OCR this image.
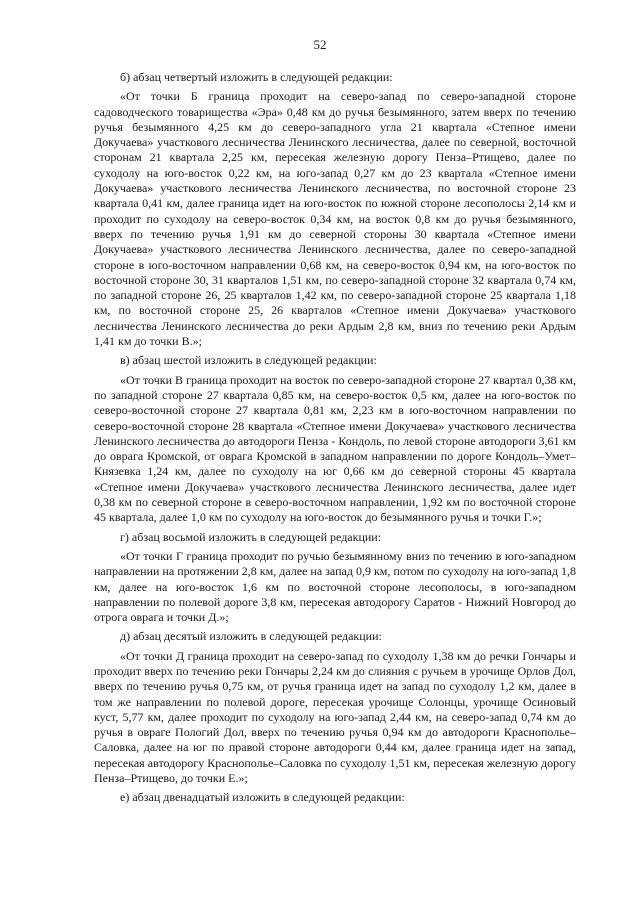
52

б) абзац четвертый изложить в следующей редакции:

«От точки Б граница проходит на северо-запад по северо-западной стороне садоводческого товарищества «Эра» 0,48 км до ручья безымянного, затем вверх по течению ручья безымянного 4,25 км до северо-западного угла 21 квартала «Степное имени Докучаева» участкового лесничества Ленинского лесничества, далее по северной, восточной сторонам 21 квартала 2,25 км, пересекая железную дорогу Пенза–Ртищево, далее по суходолу на юго-восток 0,22 км, на юго-запад 0,27 км до 23 квартала «Степное имени Докучаева» участкового лесничества Ленинского лесничества, по восточной стороне 23 квартала 0,41 км, далее граница идет на юго-восток по южной стороне лесополосы 2,14 км и проходит по суходолу на северо-восток 0,34 км, на восток 0,8 км до ручья безымянного, вверх по течению ручья 1,91 км до северной стороны 30 квартала «Степное имени Докучаева» участкового лесничества Ленинского лесничества, далее по северо-западной стороне в юго-восточном направлении 0,68 км, на северо-восток 0,94 км, на юго-восток по восточной стороне 30, 31 кварталов 1,51 км, по северо-западной стороне 32 квартала 0,74 км, по западной стороне 26, 25 кварталов 1,42 км, по северо-западной стороне 25 квартала 1,18 км, по восточной стороне 25, 26 кварталов «Степное имени Докучаева» участкового лесничества Ленинского лесничества до реки Ардым 2,8 км, вниз по течению реки Ардым 1,41 км до точки В.»;

в) абзац шестой изложить в следующей редакции:

«От точки В граница проходит на восток по северо-западной стороне 27 квартал 0,38 км, по западной стороне 27 квартала 0,85 км, на северо-восток 0,5 км, далее на юго-восток по северо-восточной стороне 27 квартала 0,81 км, 2,23 км в юго-восточном направлении по северо-восточной стороне 28 квартала «Степное имени Докучаева» участкового лесничества Ленинского лесничества до автодороги Пенза - Кондоль, по левой стороне автодороги 3,61 км до оврага Кромской, от оврага Кромской в западном направлении по дороге Кондоль–Умет–Князевка 1,24 км, далее по суходолу на юг 0,66 км до северной стороны 45 квартала «Степное имени Докучаева» участкового лесничества Ленинского лесничества, далее идет 0,38 км по северной стороне в северо-восточном направлении, 1,92 км по восточной стороне 45 квартала, далее 1,0 км по суходолу на юго-восток до безымянного ручья и точки Г.»;

г) абзац восьмой изложить в следующей редакции:

«От точки Г граница проходит по ручью безымянному вниз по течению в юго-западном направлении на протяжении 2,8 км, далее на запад 0,9 км, потом по суходолу на юго-запад 1,8 км, далее на юго-восток 1,6 км по восточной стороне лесополосы, в юго-западном направлении по полевой дороге 3,8 км, пересекая автодорогу Саратов - Нижний Новгород до отрога оврага и точки Д.»;

д) абзац десятый изложить в следующей редакции:

«От точки Д граница проходит на северо-запад по суходолу 1,38 км до речки Гончары и проходит вверх по течению реки Гончары 2,24 км до слияния с ручьем в урочище Орлов Дол, вверх по течению ручья 0,75 км, от ручья граница идет на запад по суходолу 1,2 км, далее в том же направлении по полевой дороге, пересекая урочище Солонцы, урочище Осиновый куст, 5,77 км, далее проходит по суходолу на юго-запад 2,44 км, на северо-запад 0,74 км до ручья в овраге Пологий Дол, вверх по течению ручья 0,94 км до автодороги Краснополье–Саловка, далее на юг по правой стороне автодороги 0,44 км, далее граница идет на запад, пересекая автодорогу Краснополье–Саловка по суходолу 1,51 км, пересекая железную дорогу Пенза–Ртищево, до точки Е.»;

е) абзац двенадцатый изложить в следующей редакции:
